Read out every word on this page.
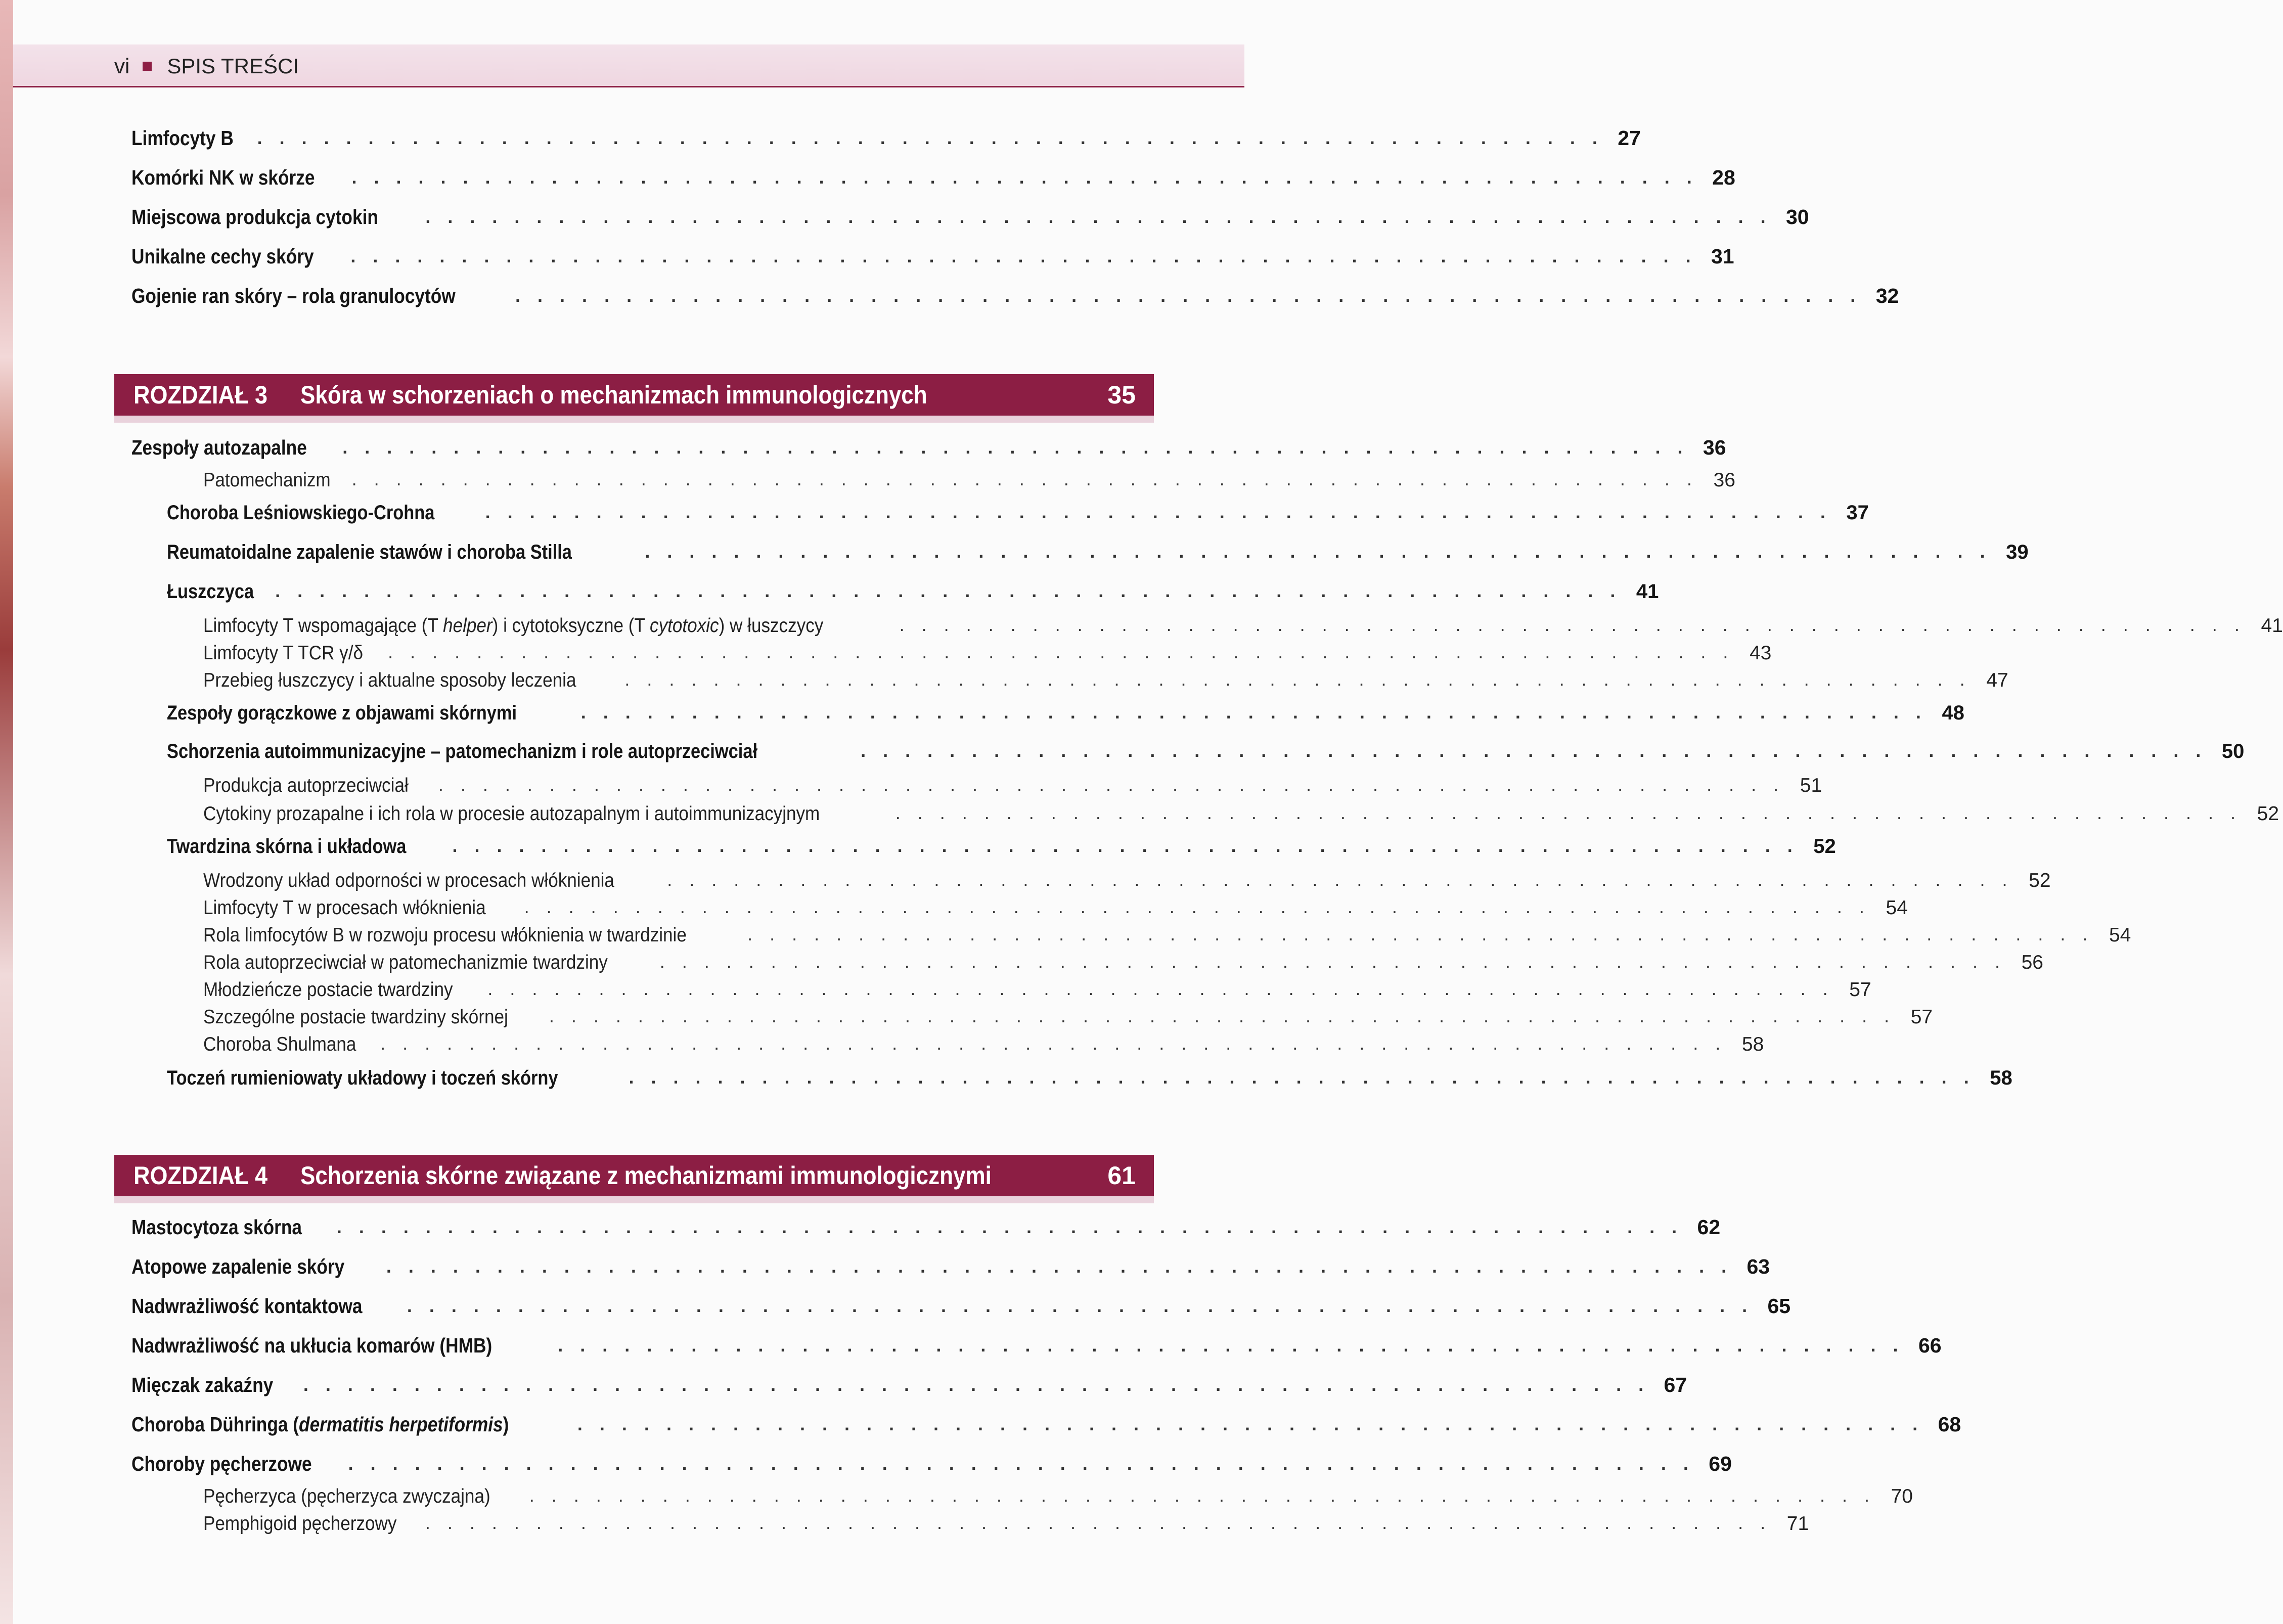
vi SPIS TREŚCI
Limfocyty B . . . . . . . . . . . . . . . . . . . . . . . . . . . . . . . . . . . . . . . . . . . . . . . . . . . . . . . . . . . . . 27
Komórki NK w skórze . . . . . . . . . . . . . . . . . . . . . . . . . . . . . . . . . . . . . . . . . . . . . . . . . . . . . . . . . . . . . 28
Miejscowa produkcja cytokin	. . . . . . . . . . . . . . . . . . . . . . . . . . . . . . . . . . . . . . . . . . . . . . . . . . . . . . . . . . . . . 30
Unikalne cechy skóry . . . . . . . . . . . . . . . . . . . . . . . . . . . . . . . . . . . . . . . . . . . . . . . . . . . . . . . . . . . . . 31
Gojenie ran skóry – rola granulocytów	. . . . . . . . . . . . . . . . . . . . . . . . . . . . . . . . . . . . . . . . . . . . . . . . . . . . . . . . . . . . . 32
ROZDZIAŁ 3	Skóra w schorzeniach o mechanizmach immunologicznych	35
Zespoły autozapalne . . . . . . . . . . . . . . . . . . . . . . . . . . . . . . . . . . . . . . . . . . . . . . . . . . . . . . . . . . . . . 36
Patomechanizm . . . . . . . . . . . . . . . . . . . . . . . . . . . . . . . . . . . . . . . . . . . . . . . . . . . . . . . . . . . . . 36
Choroba Leśniowskiego-Crohna	. . . . . . . . . . . . . . . . . . . . . . . . . . . . . . . . . . . . . . . . . . . . . . . . . . . . . . . . . . . . . 37
Reumatoidalne zapalenie stawów i choroba Stilla	. . . . . . . . . . . . . . . . . . . . . . . . . . . . . . . . . . . . . . . . . . . . . . . . . . . . . . . . . . . . . 39
Łuszczyca . . . . . . . . . . . . . . . . . . . . . . . . . . . . . . . . . . . . . . . . . . . . . . . . . . . . . . . . . . . . . 41
Limfocyty T wspomagające (T helper) i cytotoksyczne (T cytotoxic) w łuszczycy	. . . . . . . . . . . . . . . . . . . . . . . . . . . . . . . . . . . . . . . . . . . . . . . . . . . . . . . . . . . . . 41
Limfocyty T TCR γ/δ . . . . . . . . . . . . . . . . . . . . . . . . . . . . . . . . . . . . . . . . . . . . . . . . . . . . . . . . . . . . . 43
Przebieg łuszczycy i aktualne sposoby leczenia	. . . . . . . . . . . . . . . . . . . . . . . . . . . . . . . . . . . . . . . . . . . . . . . . . . . . . . . . . . . . . 47
Zespoły gorączkowe z objawami skórnymi	. . . . . . . . . . . . . . . . . . . . . . . . . . . . . . . . . . . . . . . . . . . . . . . . . . . . . . . . . . . . . 48
Schorzenia autoimmunizacyjne – patomechanizm i role autoprzeciwciał	. . . . . . . . . . . . . . . . . . . . . . . . . . . . . . . . . . . . . . . . . . . . . . . . . . . . . . . . . . . . . 50
Produkcja autoprzeciwciał . . . . . . . . . . . . . . . . . . . . . . . . . . . . . . . . . . . . . . . . . . . . . . . . . . . . . . . . . . . . . 51
Cytokiny prozapalne i ich rola w procesie autozapalnym i autoimmunizacyjnym	. . . . . . . . . . . . . . . . . . . . . . . . . . . . . . . . . . . . . . . . . . . . . . . . . . . . . . . . . . . . . 52
Twardzina skórna i układowa	. . . . . . . . . . . . . . . . . . . . . . . . . . . . . . . . . . . . . . . . . . . . . . . . . . . . . . . . . . . . . 52
Wrodzony układ odporności w procesach włóknienia	. . . . . . . . . . . . . . . . . . . . . . . . . . . . . . . . . . . . . . . . . . . . . . . . . . . . . . . . . . . . . 52
Limfocyty T w procesach włóknienia . . . . . . . . . . . . . . . . . . . . . . . . . . . . . . . . . . . . . . . . . . . . . . . . . . . . . . . . . . . . . 54
Rola limfocytów B w rozwoju procesu włóknienia w twardzinie	. . . . . . . . . . . . . . . . . . . . . . . . . . . . . . . . . . . . . . . . . . . . . . . . . . . . . . . . . . . . . 54
Rola autoprzeciwciał w patomechanizmie twardziny	. . . . . . . . . . . . . . . . . . . . . . . . . . . . . . . . . . . . . . . . . . . . . . . . . . . . . . . . . . . . . 56
Młodzieńcze postacie twardziny . . . . . . . . . . . . . . . . . . . . . . . . . . . . . . . . . . . . . . . . . . . . . . . . . . . . . . . . . . . . . 57
Szczególne postacie twardziny skórnej . . . . . . . . . . . . . . . . . . . . . . . . . . . . . . . . . . . . . . . . . . . . . . . . . . . . . . . . . . . . . 57
Choroba Shulmana . . . . . . . . . . . . . . . . . . . . . . . . . . . . . . . . . . . . . . . . . . . . . . . . . . . . . . . . . . . . . 58
Toczeń rumieniowaty układowy i toczeń skórny	. . . . . . . . . . . . . . . . . . . . . . . . . . . . . . . . . . . . . . . . . . . . . . . . . . . . . . . . . . . . . 58
ROZDZIAŁ 4	Schorzenia skórne związane z mechanizmami immunologicznymi	61
Mastocytoza skórna . . . . . . . . . . . . . . . . . . . . . . . . . . . . . . . . . . . . . . . . . . . . . . . . . . . . . . . . . . . . . 62
Atopowe zapalenie skóry . . . . . . . . . . . . . . . . . . . . . . . . . . . . . . . . . . . . . . . . . . . . . . . . . . . . . . . . . . . . . 63
Nadwrażliwość kontaktowa . . . . . . . . . . . . . . . . . . . . . . . . . . . . . . . . . . . . . . . . . . . . . . . . . . . . . . . . . . . . . 65
Nadwrażliwość na ukłucia komarów (HMB)	. . . . . . . . . . . . . . . . . . . . . . . . . . . . . . . . . . . . . . . . . . . . . . . . . . . . . . . . . . . . . 66
Mięczak zakaźny . . . . . . . . . . . . . . . . . . . . . . . . . . . . . . . . . . . . . . . . . . . . . . . . . . . . . . . . . . . . . 67
Choroba Dühringa (dermatitis herpetiformis)	. . . . . . . . . . . . . . . . . . . . . . . . . . . . . . . . . . . . . . . . . . . . . . . . . . . . . . . . . . . . . 68
Choroby pęcherzowe . . . . . . . . . . . . . . . . . . . . . . . . . . . . . . . . . . . . . . . . . . . . . . . . . . . . . . . . . . . . . 69
Pęcherzyca (pęcherzyca zwyczajna) . . . . . . . . . . . . . . . . . . . . . . . . . . . . . . . . . . . . . . . . . . . . . . . . . . . . . . . . . . . . . 70
Pemphigoid pęcherzowy . . . . . . . . . . . . . . . . . . . . . . . . . . . . . . . . . . . . . . . . . . . . . . . . . . . . . . . . . . . . . 71
